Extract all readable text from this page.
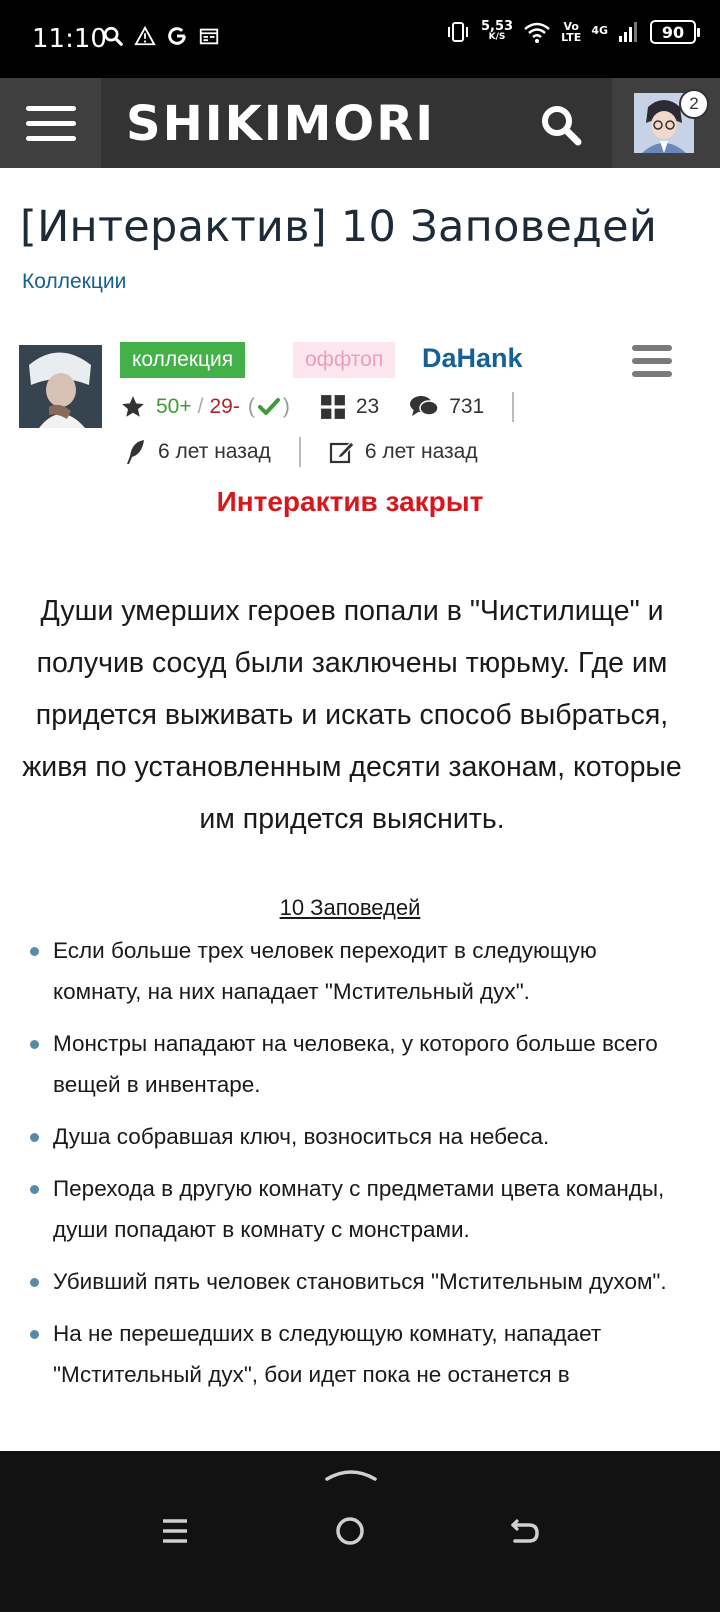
11:10	5,53
K/S
Vo
LTE
4G	90
SHIKIMORI	2
[Интерактив] 10 Заповедей
Коллекции
коллекция	оффтоп	DaHank
50+ / 29- ( )	23	731
6 лет назад	6 лет назад
Интерактив закрыт
Души умерших героев попали в "Чистилище" и получив сосуд были заключены тюрьму. Где им придется выживать и искать способ выбраться, живя по установленным десяти законам, которые им придется выяснить.
10 Заповедей
Если больше трех человек переходит в следующую комнату, на них нападает "Мстительный дух".
Монстры нападают на человека, у которого больше всего вещей в инвентаре.
Душа собравшая ключ, возноситься на небеса.
Перехода в другую комнату с предметами цвета команды, души попадают в комнату с монстрами.
Убивший пять человек становиться "Мстительным духом".
На не перешедших в следующую комнату, нападает "Мстительный дух", бои идет пока не останется в
